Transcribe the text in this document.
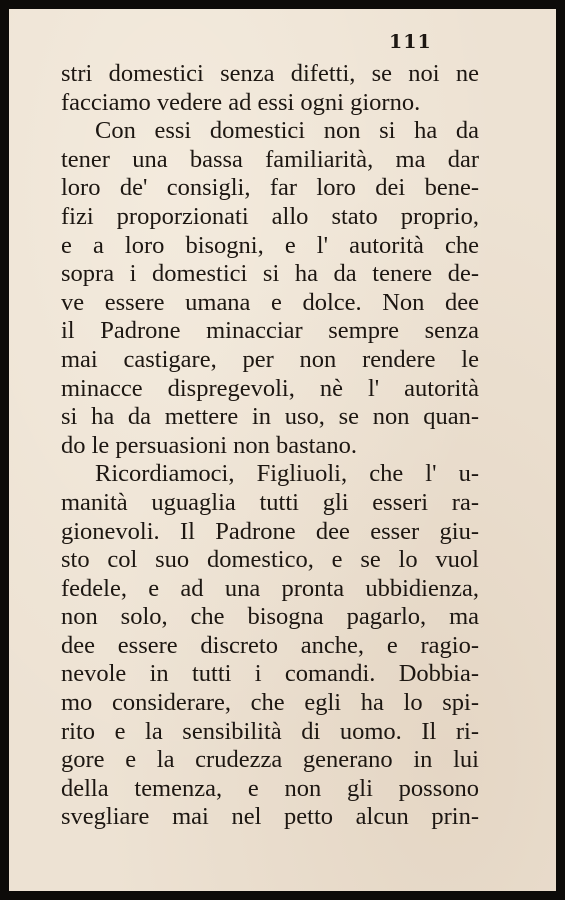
111
stri domestici senza difetti, se noi ne
facciamo vedere ad essi ogni giorno.
Con essi domestici non si ha da
tener una bassa familiarità, ma dar
loro de' consigli, far loro dei bene-
fizi proporzionati allo stato proprio,
e a loro bisogni, e l' autorità che
sopra i domestici si ha da tenere de-
ve essere umana e dolce. Non dee
il Padrone minacciar sempre senza
mai castigare, per non rendere le
minacce dispregevoli, nè l' autorità
si ha da mettere in uso, se non quan-
do le persuasioni non bastano.
Ricordiamoci, Figliuoli, che l' u-
manità uguaglia tutti gli esseri ra-
gionevoli. Il Padrone dee esser giu-
sto col suo domestico, e se lo vuol
fedele, e ad una pronta ubbidienza,
non solo, che bisogna pagarlo, ma
dee essere discreto anche, e ragio-
nevole in tutti i comandi. Dobbia-
mo considerare, che egli ha lo spi-
rito e la sensibilità di uomo. Il ri-
gore e la crudezza generano in lui
della temenza, e non gli possono
svegliare mai nel petto alcun prin-
